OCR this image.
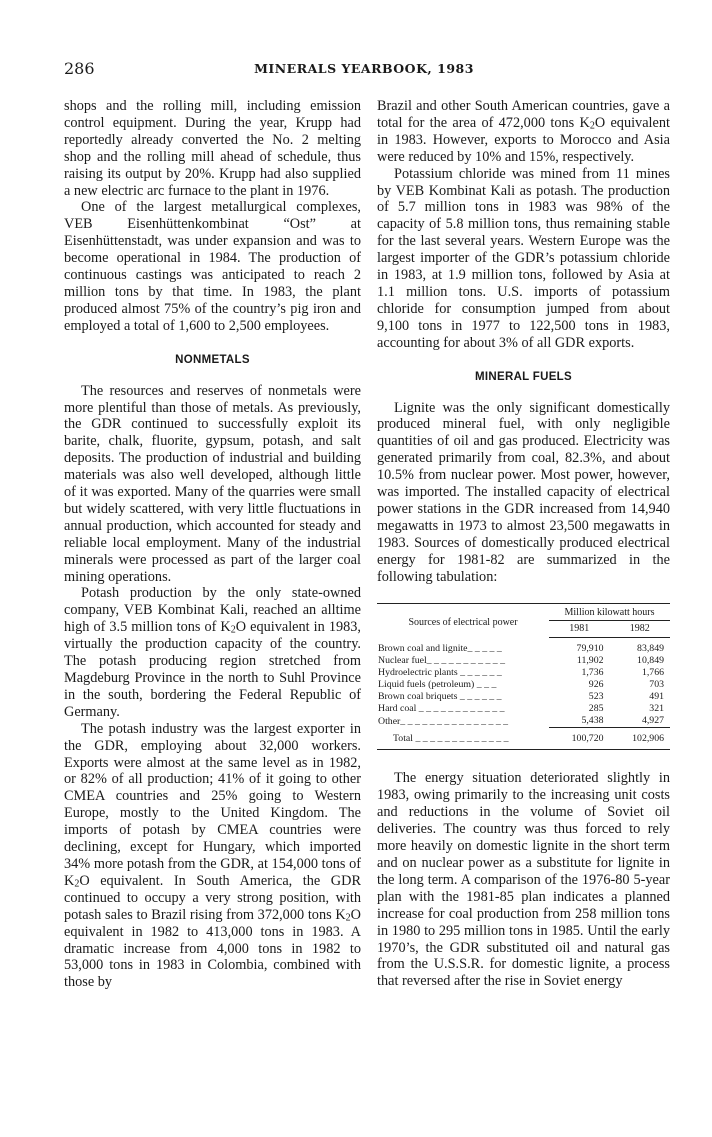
286	MINERALS YEARBOOK, 1983

shops and the rolling mill, including emission control equipment. During the year, Krupp had reportedly already converted the No. 2 melting shop and the rolling mill ahead of schedule, thus raising its output by 20%. Krupp had also supplied a new electric arc furnace to the plant in 1976.

One of the largest metallurgical complexes, VEB Eisenhüttenkombinat “Ost” at Eisenhüttenstadt, was under expansion and was to become operational in 1984. The production of continuous castings was anticipated to reach 2 million tons by that time. In 1983, the plant produced almost 75% of the country’s pig iron and employed a total of 1,600 to 2,500 employees.

NONMETALS

The resources and reserves of nonmetals were more plentiful than those of metals. As previously, the GDR continued to successfully exploit its barite, chalk, fluorite, gypsum, potash, and salt deposits. The production of industrial and building materials was also well developed, although little of it was exported. Many of the quarries were small but widely scattered, with very little fluctuations in annual production, which accounted for steady and reliable local employment. Many of the industrial minerals were processed as part of the larger coal mining operations.

Potash production by the only state-owned company, VEB Kombinat Kali, reached an alltime high of 3.5 million tons of $K_2O$ equivalent in 1983, virtually the production capacity of the country. The potash producing region stretched from Magdeburg Province in the north to Suhl Province in the south, bordering the Federal Republic of Germany.

The potash industry was the largest exporter in the GDR, employing about 32,000 workers. Exports were almost at the same level as in 1982, or 82% of all production; 41% of it going to other CMEA countries and 25% going to Western Europe, mostly to the United Kingdom. The imports of potash by CMEA countries were declining, except for Hungary, which imported 34% more potash from the GDR, at 154,000 tons of $K_2O$ equivalent. In South America, the GDR continued to occupy a very strong position, with potash sales to Brazil rising from 372,000 tons $K_2O$ equivalent in 1982 to 413,000 tons in 1983. A dramatic increase from 4,000 tons in 1982 to 53,000 tons in 1983 in Colombia, combined with those by

Brazil and other South American countries, gave a total for the area of 472,000 tons $K_2O$ equivalent in 1983. However, exports to Morocco and Asia were reduced by 10% and 15%, respectively.

Potassium chloride was mined from 11 mines by VEB Kombinat Kali as potash. The production of 5.7 million tons in 1983 was 98% of the capacity of 5.8 million tons, thus remaining stable for the last several years. Western Europe was the largest importer of the GDR’s potassium chloride in 1983, at 1.9 million tons, followed by Asia at 1.1 million tons. U.S. imports of potassium chloride for consumption jumped from about 9,100 tons in 1977 to 122,500 tons in 1983, accounting for about 3% of all GDR exports.

MINERAL FUELS

Lignite was the only significant domestically produced mineral fuel, with only negligible quantities of oil and gas produced. Electricity was generated primarily from coal, 82.3%, and about 10.5% from nuclear power. Most power, however, was imported. The installed capacity of electrical power stations in the GDR increased from 14,940 megawatts in 1973 to almost 23,500 megawatts in 1983. Sources of domestically produced electrical energy for 1981-82 are summarized in the following tabulation:

Sources of electrical power	Million kilowatt hours	
	1981	1982
Brown coal and lignite_ _ _ _ _	79,910	83,849
Nuclear fuel_ _ _ _ _ _ _ _ _ _ _	11,902	10,849
Hydroelectric plants _ _ _ _ _ _	1,736	1,766
Liquid fuels (petroleum) _ _ _	926	703
Brown coal briquets _ _ _ _ _ _	523	491
Hard coal _ _ _ _ _ _ _ _ _ _ _ _	285	321
Other_ _ _ _ _ _ _ _ _ _ _ _ _ _ _	5,438	4,927
Total _ _ _ _ _ _ _ _ _ _ _ _ _	100,720	102,906

The energy situation deteriorated slightly in 1983, owing primarily to the increasing unit costs and reductions in the volume of Soviet oil deliveries. The country was thus forced to rely more heavily on domestic lignite in the short term and on nuclear power as a substitute for lignite in the long term. A comparison of the 1976-80 5-year plan with the 1981-85 plan indicates a planned increase for coal production from 258 million tons in 1980 to 295 million tons in 1985. Until the early 1970’s, the GDR substituted oil and natural gas from the U.S.S.R. for domestic lignite, a process that reversed after the rise in Soviet energy
